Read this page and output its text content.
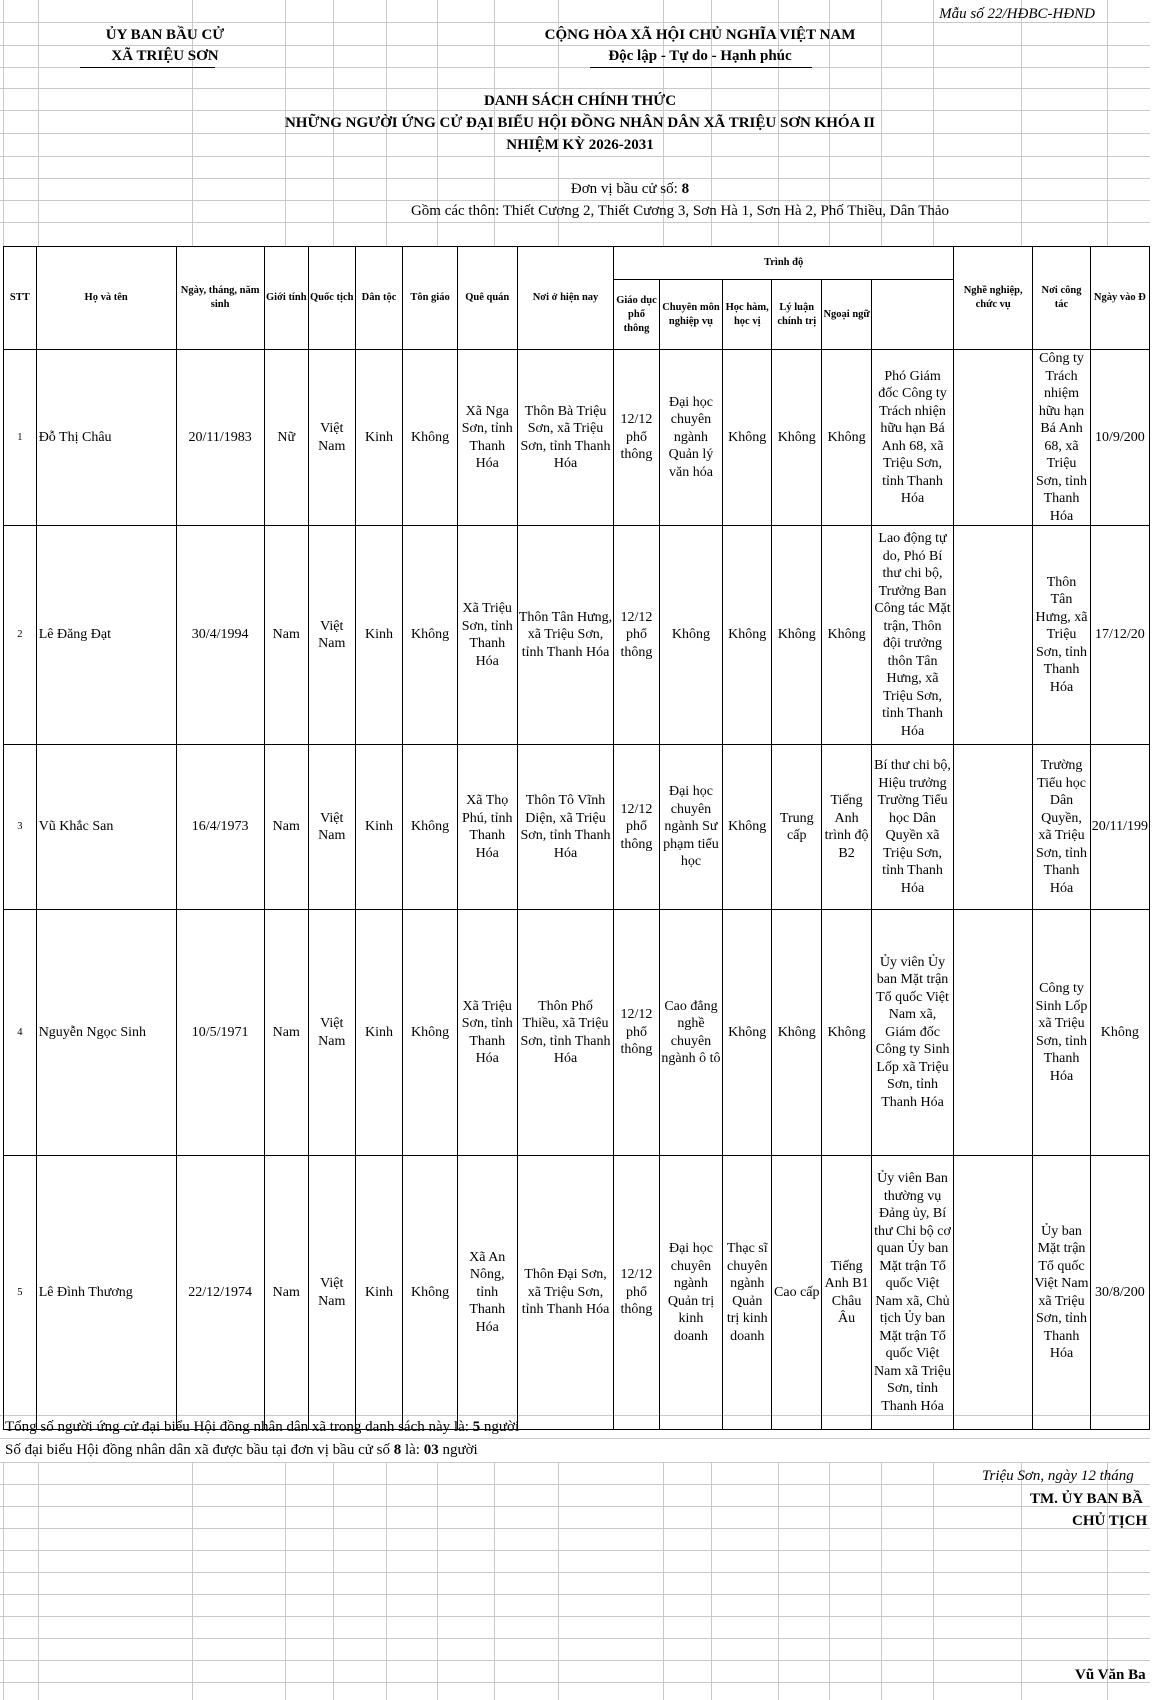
Mẫu số 22/HĐBC-HĐND
ỦY BAN BẦU CỬ
XÃ TRIỆU SƠN
CỘNG HÒA XÃ HỘI CHỦ NGHĨA VIỆT NAM
Độc lập - Tự do - Hạnh phúc
DANH SÁCH CHÍNH THỨC
NHỮNG NGƯỜI ỨNG CỬ ĐẠI BIỂU HỘI ĐỒNG NHÂN DÂN XÃ TRIỆU SƠN KHÓA II
NHIỆM KỲ 2026-2031
Đơn vị bầu cử số: 8
Gồm các thôn: Thiết Cương 2, Thiết Cương 3, Sơn Hà 1, Sơn Hà 2, Phố Thiều, Dân Thảo
STT	Họ và tên	Ngày, tháng, năm sinh	Giới tính	Quốc tịch	Dân tộc	Tôn giáo	Quê quán	Nơi ở hiện nay	Trình độ						Nghề nghiệp, chức vụ	Nơi công tác	Ngày vào Đ
									Giáo dục phổ thông	Chuyên môn nghiệp vụ	Học hàm, học vị	Lý luận chính trị	Ngoại ngữ				
1	Đỗ Thị Châu	20/11/1983	Nữ	Việt Nam	Kinh	Không	Xã Nga Sơn, tỉnh Thanh Hóa	Thôn Bà Triệu Sơn, xã Triệu Sơn, tỉnh Thanh Hóa	12/12 phổ thông	Đại học chuyên ngành Quản lý văn hóa	Không	Không	Không	Phó Giám đốc Công ty Trách nhiện hữu hạn Bá Anh 68, xã Triệu Sơn, tỉnh Thanh Hóa		Công ty Trách nhiệm hữu hạn Bá Anh 68, xã Triệu Sơn, tỉnh Thanh Hóa	10/9/200
2	Lê Đăng Đạt	30/4/1994	Nam	Việt Nam	Kinh	Không	Xã Triệu Sơn, tỉnh Thanh Hóa	Thôn Tân Hưng, xã Triệu Sơn, tỉnh Thanh Hóa	12/12 phổ thông	Không	Không	Không	Không	Lao động tự do, Phó Bí thư chi bộ, Trưởng Ban Công tác Mặt trận, Thôn đội trưởng thôn Tân Hưng, xã Triệu Sơn, tỉnh Thanh Hóa		Thôn Tân Hưng, xã Triệu Sơn, tỉnh Thanh Hóa	17/12/20
3	Vũ Khắc San	16/4/1973	Nam	Việt Nam	Kinh	Không	Xã Thọ Phú, tỉnh Thanh Hóa	Thôn Tô Vĩnh Diện, xã Triệu Sơn, tỉnh Thanh Hóa	12/12 phổ thông	Đại học chuyên ngành Sư phạm tiểu học	Không	Trung cấp	Tiếng Anh trình độ B2	Bí thư chi bộ, Hiệu trưởng Trường Tiểu học Dân Quyền xã Triệu Sơn, tỉnh Thanh Hóa		Trường Tiểu học Dân Quyền, xã Triệu Sơn, tỉnh Thanh Hóa	20/11/199
4	Nguyễn Ngọc Sinh	10/5/1971	Nam	Việt Nam	Kinh	Không	Xã Triệu Sơn, tỉnh Thanh Hóa	Thôn Phố Thiều, xã Triệu Sơn, tỉnh Thanh Hóa	12/12 phổ thông	Cao đẳng nghề chuyên ngành ô tô	Không	Không	Không	Ủy viên Ủy ban Mặt trận Tổ quốc Việt Nam xã, Giám đốc Công ty Sinh Lốp xã Triệu Sơn, tỉnh Thanh Hóa		Công ty Sinh Lốp xã Triệu Sơn, tỉnh Thanh Hóa	Không
5	Lê Đình Thương	22/12/1974	Nam	Việt Nam	Kinh	Không	Xã An Nông, tỉnh Thanh Hóa	Thôn Đại Sơn, xã Triệu Sơn, tỉnh Thanh Hóa	12/12 phổ thông	Đại học chuyên ngành Quản trị kinh doanh	Thạc sĩ chuyên ngành Quản trị kinh doanh	Cao cấp	Tiếng Anh B1 Châu Âu	Ủy viên Ban thường vụ Đảng ủy, Bí thư Chi bộ cơ quan Ủy ban Mặt trận Tổ quốc Việt Nam xã, Chủ tịch Ủy ban Mặt trận Tổ quốc Việt Nam xã Triệu Sơn, tỉnh Thanh Hóa		Ủy ban Mặt trận Tổ quốc Việt Nam xã Triệu Sơn, tỉnh Thanh Hóa	30/8/200
Tổng số người ứng cử đại biểu Hội đồng nhân dân xã trong danh sách này là: 5 người
Số đại biểu Hội đồng nhân dân xã được bầu tại đơn vị bầu cử số 8 là: 03 người
Triệu Sơn, ngày 12 tháng
TM. ỦY BAN BẦ
CHỦ TỊCH
Vũ Văn Ba
